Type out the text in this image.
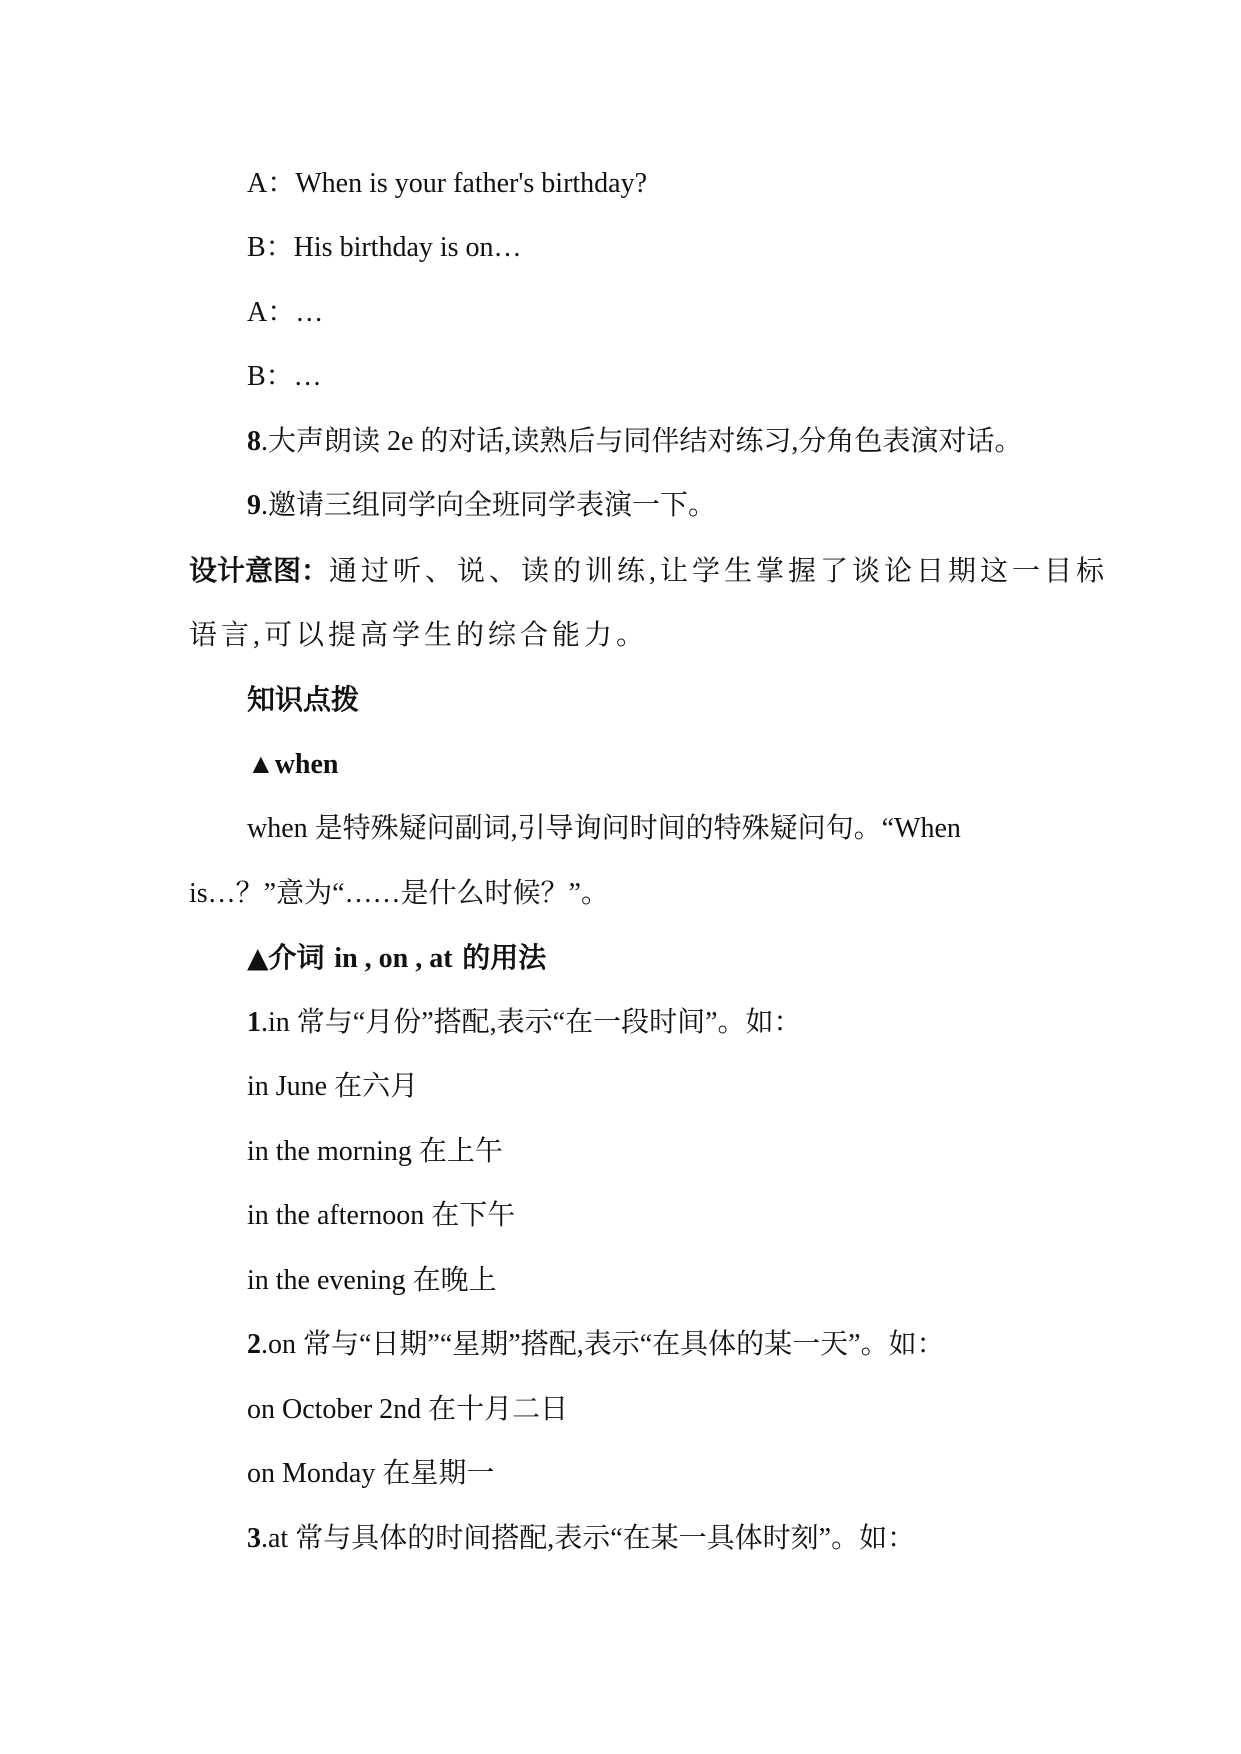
A：When is your father's birthday?
B：His birthday is on…
A：…
B：…
8.大声朗读 2e 的对话,读熟后与同伴结对练习,分角色表演对话。
9.邀请三组同学向全班同学表演一下。
设计意图：通过听、说、读的训练,让学生掌握了谈论日期这一目标
语言,可以提高学生的综合能力。
知识点拨
▲when
when 是特殊疑问副词,引导询问时间的特殊疑问句。“When
is…？”意为“……是什么时候？”。
▲介词 in , on , at 的用法
1.in 常与“月份”搭配,表示“在一段时间”。如：
in June 在六月
in the morning 在上午
in the afternoon 在下午
in the evening 在晚上
2.on 常与“日期”“星期”搭配,表示“在具体的某一天”。如：
on October 2nd 在十月二日
on Monday 在星期一
3.at 常与具体的时间搭配,表示“在某一具体时刻”。如：
